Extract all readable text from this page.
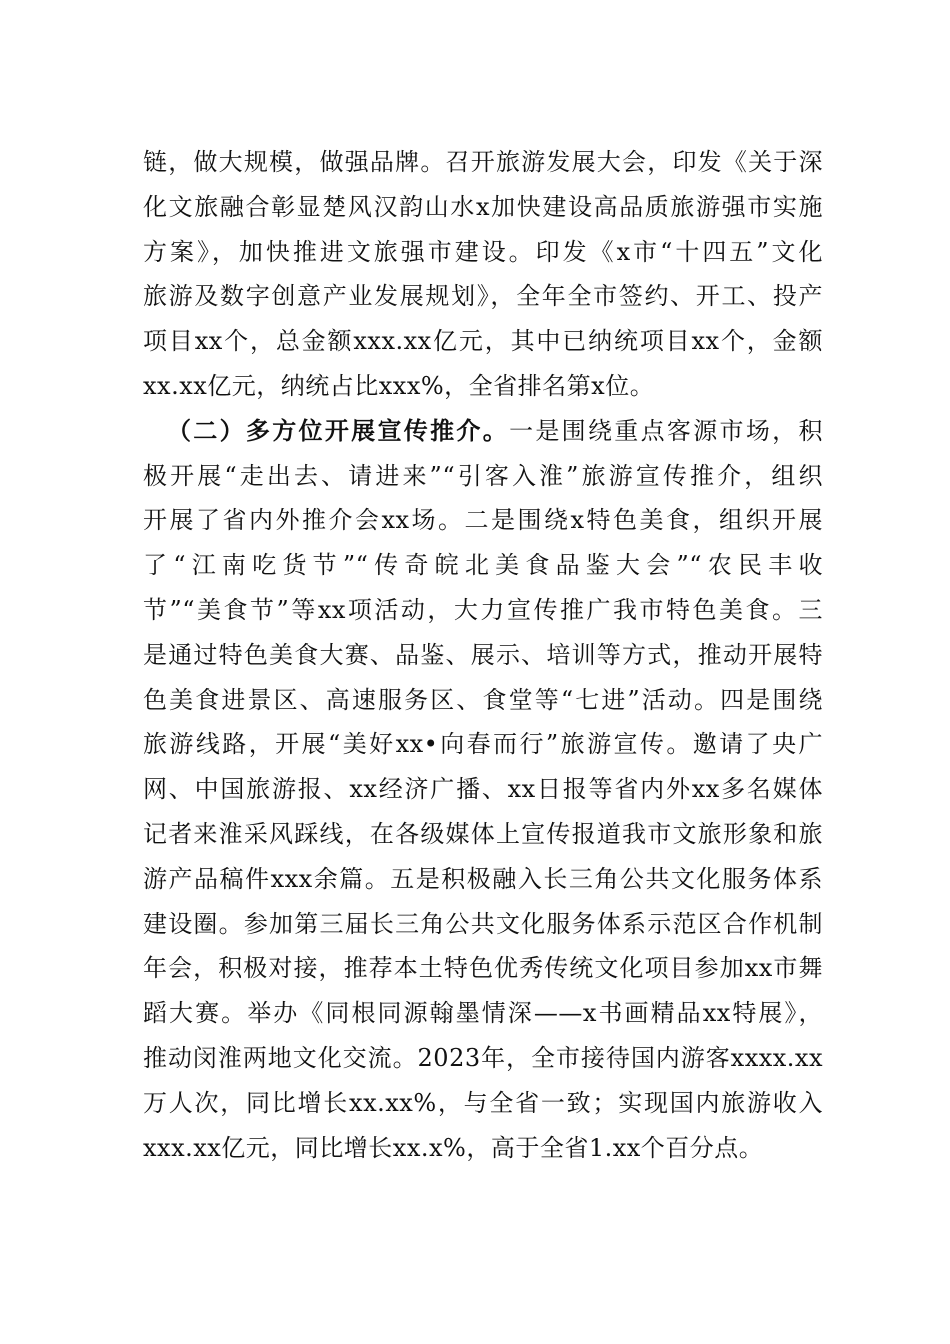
链，做大规模，做强品牌。召开旅游发展大会，印发《关于深
化文旅融合彰显楚风汉韵山水x加快建设高品质旅游强市实施
方案》，加快推进文旅强市建设。印发《x市“十四五”文化
旅游及数字创意产业发展规划》，全年全市签约、开工、投产
项目xx个，总金额xxx.xx亿元，其中已纳统项目xx个，金额
xx.xx亿元，纳统占比xxx%，全省排名第x位。
（二）多方位开展宣传推介。一是围绕重点客源市场，积
极开展“走出去、请进来”“引客入淮”旅游宣传推介，组织
开展了省内外推介会xx场。二是围绕x特色美食，组织开展
了“江南吃货节”“传奇皖北美食品鉴大会”“农民丰收
节”“美食节”等xx项活动，大力宣传推广我市特色美食。三
是通过特色美食大赛、品鉴、展示、培训等方式，推动开展特
色美食进景区、高速服务区、食堂等“七进”活动。四是围绕
旅游线路，开展“美好xx•向春而行”旅游宣传。邀请了央广
网、中国旅游报、xx经济广播、xx日报等省内外xx多名媒体
记者来淮采风踩线，在各级媒体上宣传报道我市文旅形象和旅
游产品稿件xxx余篇。五是积极融入长三角公共文化服务体系
建设圈。参加第三届长三角公共文化服务体系示范区合作机制
年会，积极对接，推荐本土特色优秀传统文化项目参加xx市舞
蹈大赛。举办《同根同源翰墨情深——x书画精品xx特展》，
推动闵淮两地文化交流。2023年，全市接待国内游客xxxx.xx
万人次，同比增长xx.xx%，与全省一致；实现国内旅游收入
xxx.xx亿元，同比增长xx.x%，高于全省1.xx个百分点。
